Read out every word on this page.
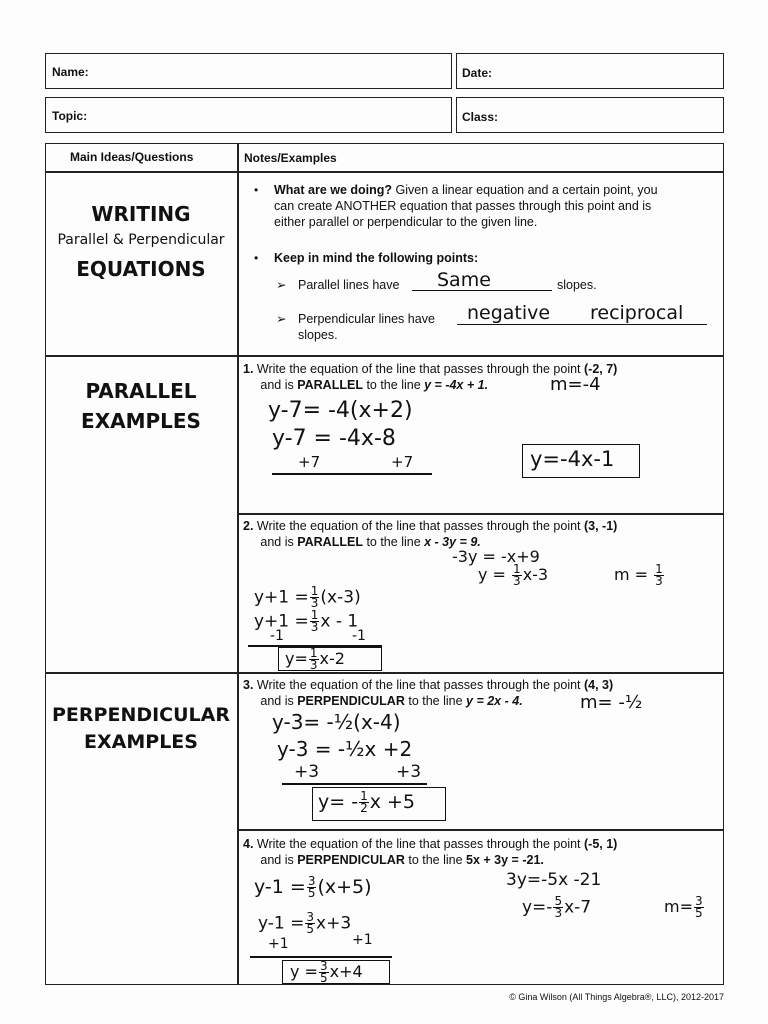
Name:	Date:
Topic:	Class:
Main Ideas/Questions	Notes/Examples
WRITING
Parallel & Perpendicular
EQUATIONS
• What are we doing? Given a linear equation and a certain point, you
can create ANOTHER equation that passes through this point and is
either parallel or perpendicular to the given line.
• Keep in mind the following points:
➢ Parallel lines have Same	slopes.
➢ Perpendicular lines have negative reciprocal
slopes.
PARALLEL
EXAMPLES
1. Write the equation of the line that passes through the point (-2, 7)
and is PARALLEL to the line y = -4x + 1.	m=-4
y-7= -4(x+2)
y-7 = -4x-8
+7	+7	y=-4x-1
2. Write the equation of the line that passes through the point (3, -1)
and is PARALLEL to the line x - 3y = 9.
-3y = -x+9
$y = \frac{1}{3} x-3$	$m = \frac{1}{3}$
$y+1 = \frac{1}{3} (x-3)$
$y+1 = \frac{1}{3}$ x - 1
-1	-1
$y= \frac{1}{3} x-2$
PERPENDICULAR
EXAMPLES
3. Write the equation of the line that passes through the point (4, 3)
and is PERPENDICULAR to the line y = 2x - 4.	m= -½
y-3= -½(x-4)
y-3 = -½x +2
+3	+3
$y= - \frac{1}{2}$ x +5
4. Write the equation of the line that passes through the point (-5, 1)
and is PERPENDICULAR to the line 5x + 3y = -21.
3y=-5x -21
$y=- \frac{5}{3} x-7$	$m= \frac{3}{5}$
$y-1 = \frac{3}{5} (x+5)$
$y-1 = \frac{3}{5} x+3$
+1	+1
$y = \frac{3}{5} x+4$
© Gina Wilson (All Things Algebra®, LLC), 2012-2017
